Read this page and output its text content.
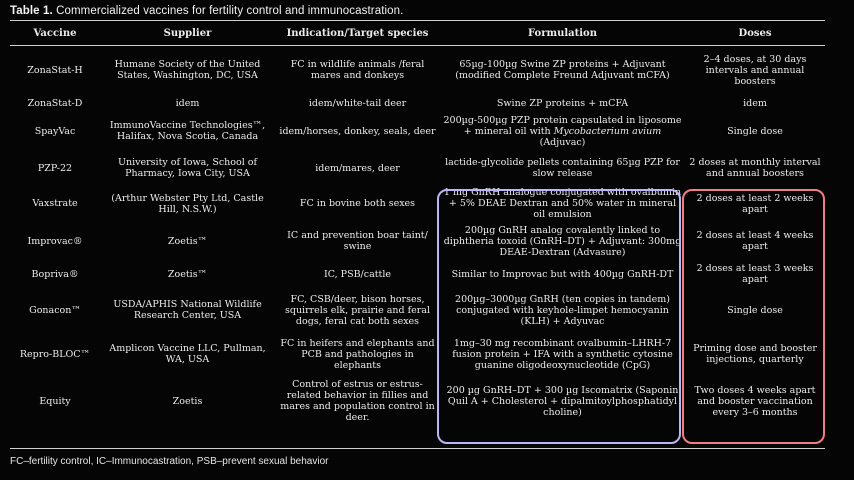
Table 1. Commercialized vaccines for fertility control and immunocastration.
Vaccine	Supplier	Indication/Target species	Formulation	Doses
ZonaStat-H	Humane Society of the United States, Washington, DC, USA	FC in wildlife animals /feral mares and donkeys	65µg-100µg Swine ZP proteins + Adjuvant (modified Complete Freund Adjuvant mCFA)	2–4 doses, at 30 days intervals and annual boosters
ZonaStat-D	idem	idem/white-tail deer	Swine ZP proteins + mCFA	idem
SpayVac	ImmunoVaccine Technologies™, Halifax, Nova Scotia, Canada	idem/horses, donkey, seals, deer	200µg-500µg PZP protein capsulated in liposome + mineral oil with Mycobacterium avium (Adjuvac)	Single dose
PZP-22	University of Iowa, School of Pharmacy, Iowa City, USA	idem/mares, deer	lactide-glycolide pellets containing 65µg PZP for slow release	2 doses at monthly interval and annual boosters
Vaxstrate	(Arthur Webster Pty Ltd, Castle Hill, N.S.W.)	FC in bovine both sexes	1 mg GnRH analogue conjugated with ovalbumin + 5% DEAE Dextran and 50% water in mineral oil emulsion	2 doses at least 2 weeks apart
Improvac®	Zoetis™	IC and prevention boar taint/ swine	200µg GnRH analog covalently linked to diphtheria toxoid (GnRH–DT) + Adjuvant: 300mg DEAE-Dextran (Advasure)	2 doses at least 4 weeks apart
Bopriva®	Zoetis™	IC, PSB/cattle	Similar to Improvac but with 400µg GnRH-DT	2 doses at least 3 weeks apart
Gonacon™	USDA/APHIS National Wildlife Research Center, USA	FC, CSB/deer, bison horses, squirrels elk, prairie and feral dogs, feral cat both sexes	200µg–3000µg GnRH (ten copies in tandem) conjugated with keyhole-limpet hemocyanin (KLH) + Adyuvac	Single dose
Repro-BLOC™	Amplicon Vaccine LLC, Pullman, WA, USA	FC in heifers and elephants and PCB and pathologies in elephants	1mg–30 mg recombinant ovalbumin–LHRH-7 fusion protein + IFA with a synthetic cytosine guanine oligodeoxynucleotide (CpG)	Priming dose and booster injections, quarterly
Equity	Zoetis	Control of estrus or estrus-related behavior in fillies and mares and population control in deer.	200 µg GnRH–DT + 300 µg Iscomatrix (Saponin Quil A + Cholesterol + dipalmitoylphosphatidyl choline)	Two doses 4 weeks apart and booster vaccination every 3–6 months
FC–fertility control, IC–Immunocastration, PSB–prevent sexual behavior
